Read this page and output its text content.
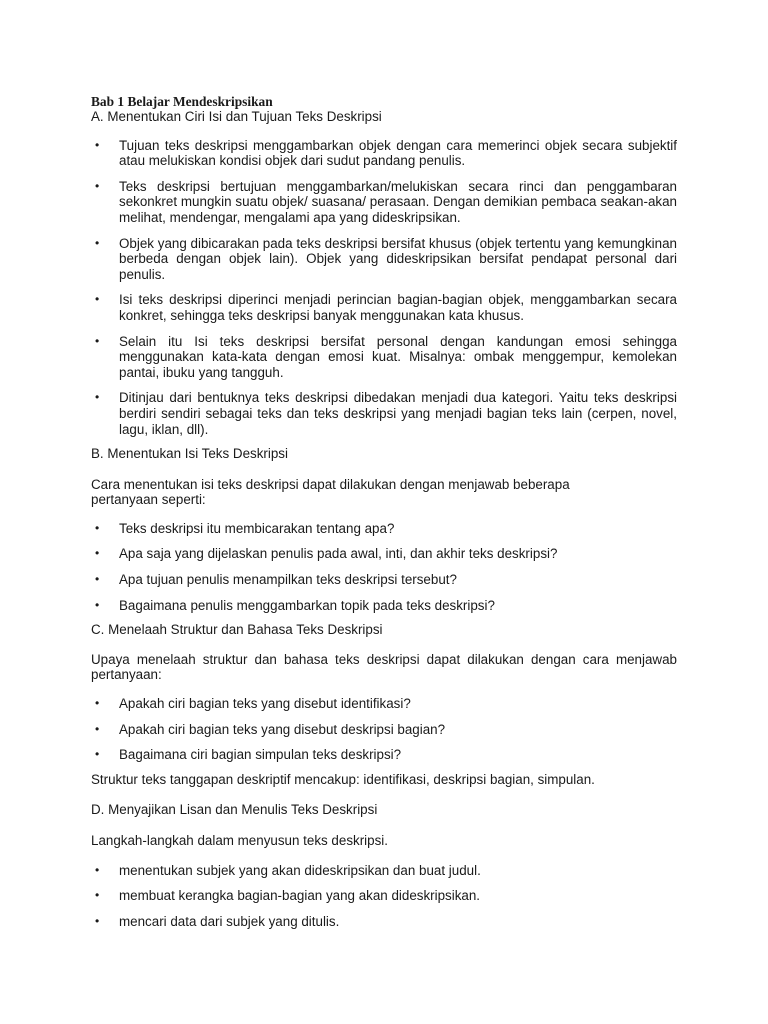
Bab 1 Belajar Mendeskripsikan
A. Menentukan Ciri Isi dan Tujuan Teks Deskripsi
• Tujuan teks deskripsi menggambarkan objek dengan cara memerinci objek secara subjektif atau melukiskan kondisi objek dari sudut pandang penulis.
• Teks deskripsi bertujuan menggambarkan/melukiskan secara rinci dan penggambaran sekonkret mungkin suatu objek/ suasana/ perasaan. Dengan demikian pembaca seakan-akan melihat, mendengar, mengalami apa yang dideskripsikan.
• Objek yang dibicarakan pada teks deskripsi bersifat khusus (objek tertentu yang kemungkinan berbeda dengan objek lain). Objek yang dideskripsikan bersifat pendapat personal dari penulis.
• Isi teks deskripsi diperinci menjadi perincian bagian-bagian objek, menggambarkan secara konkret, sehingga teks deskripsi banyak menggunakan kata khusus.
• Selain itu Isi teks deskripsi bersifat personal dengan kandungan emosi sehingga menggunakan kata-kata dengan emosi kuat. Misalnya: ombak menggempur, kemolekan pantai, ibuku yang tangguh.
• Ditinjau dari bentuknya teks deskripsi dibedakan menjadi dua kategori. Yaitu teks deskripsi berdiri sendiri sebagai teks dan teks deskripsi yang menjadi bagian teks lain (cerpen, novel, lagu, iklan, dll).

B. Menentukan Isi Teks Deskripsi

Cara menentukan isi teks deskripsi dapat dilakukan dengan menjawab beberapa pertanyaan seperti:

• Teks deskripsi itu membicarakan tentang apa?
• Apa saja yang dijelaskan penulis pada awal, inti, dan akhir teks deskripsi?
• Apa tujuan penulis menampilkan teks deskripsi tersebut?
• Bagaimana penulis menggambarkan topik pada teks deskripsi?

C. Menelaah Struktur dan Bahasa Teks Deskripsi

Upaya menelaah struktur dan bahasa teks deskripsi dapat dilakukan dengan cara menjawab pertanyaan:

• Apakah ciri bagian teks yang disebut identifikasi?
• Apakah ciri bagian teks yang disebut deskripsi bagian?
• Bagaimana ciri bagian simpulan teks deskripsi?

Struktur teks tanggapan deskriptif mencakup: identifikasi, deskripsi bagian, simpulan.

D. Menyajikan Lisan dan Menulis Teks Deskripsi

Langkah-langkah dalam menyusun teks deskripsi.

• menentukan subjek yang akan dideskripsikan dan buat judul.
• membuat kerangka bagian-bagian yang akan dideskripsikan.
• mencari data dari subjek yang ditulis.
